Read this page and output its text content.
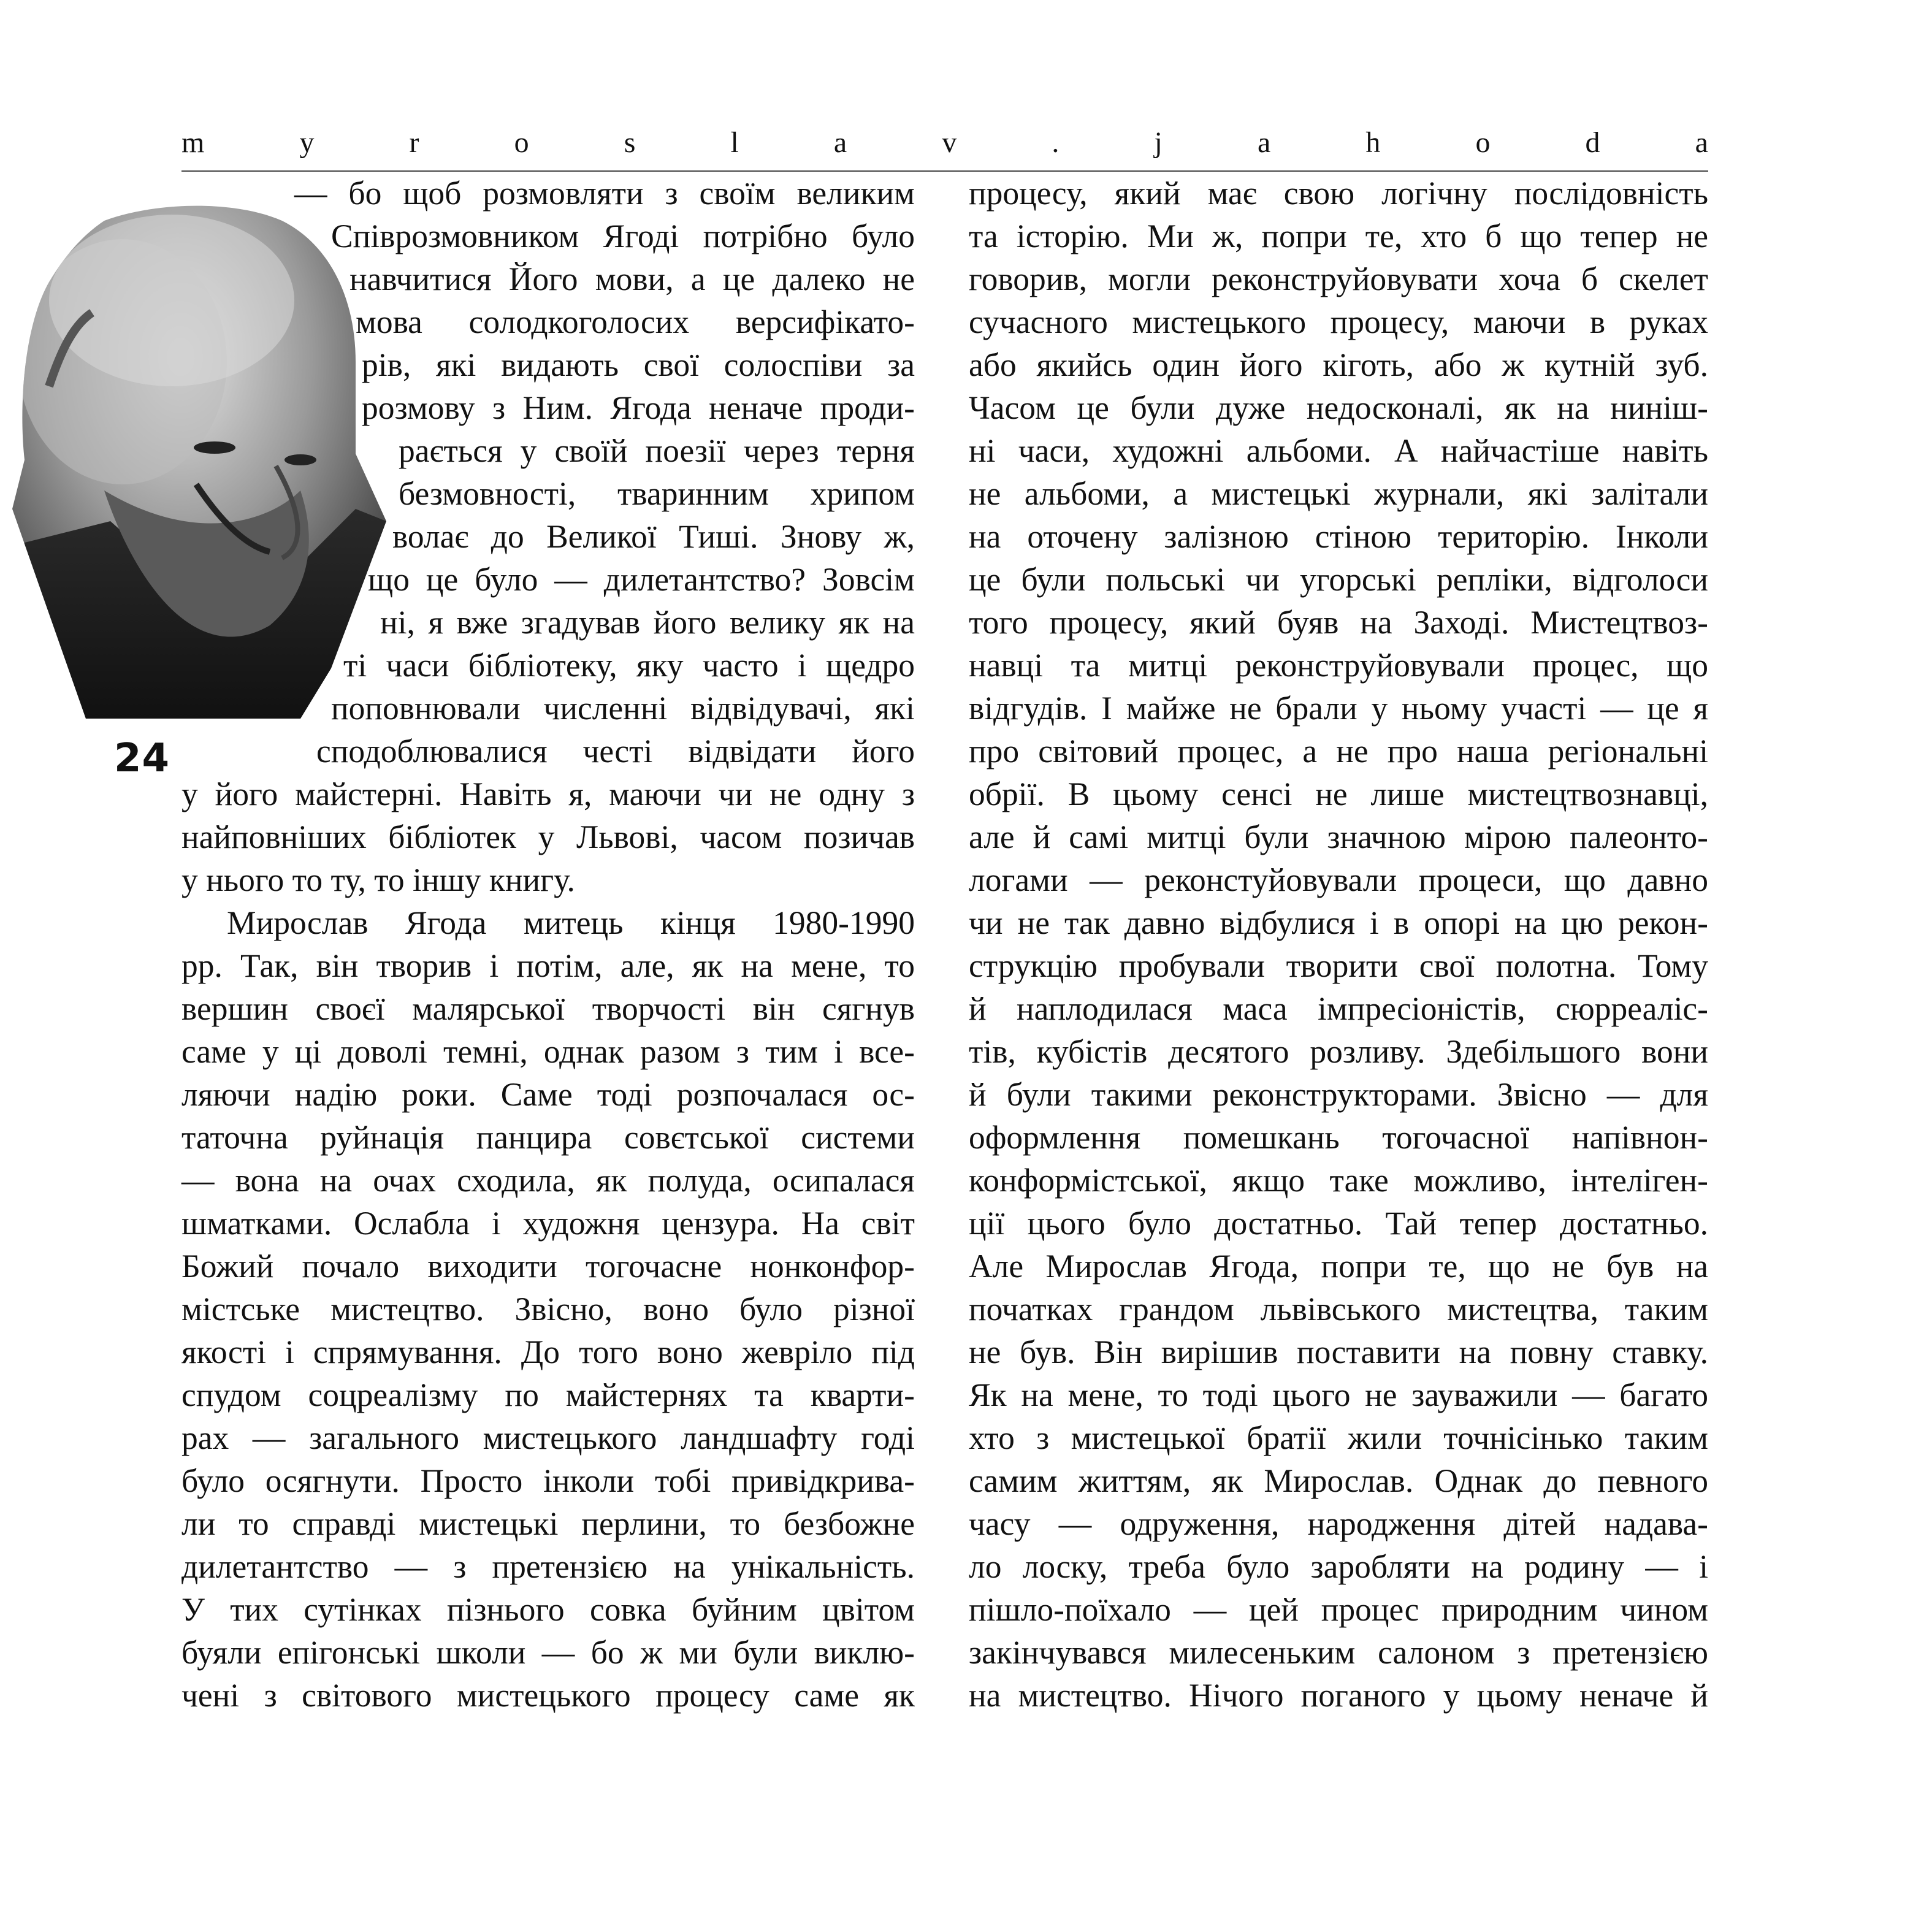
m	y	r	o	s	l	a	v	.	j	a	h	o	d	a
24
— бо щоб розмовляти з своїм великим
Співрозмовником Ягоді потрібно було
навчитися Його мови, а це далеко не
мова солодкоголосих версифікато-
рів, які видають свої солоспіви за
розмову з Ним. Ягода неначе проди-
рається у своїй поезії через терня
безмовності, тваринним хрипом
волає до Великої Тиші. Знову ж,
що це було — дилетантство? Зовсім
ні, я вже згадував його велику як на
ті часи бібліотеку, яку часто і щедро
поповнювали численні відвідувачі, які
сподоблювалися честі відвідати його
у його майстерні. Навіть я, маючи чи не одну з
найповніших бібліотек у Львові, часом позичав
у нього то ту, то іншу книгу.
Мирослав Ягода митець кінця 1980-1990
рр. Так, він творив і потім, але, як на мене, то
вершин своєї малярської творчості він сягнув
саме у ці доволі темні, однак разом з тим і все-
ляючи надію роки. Саме тоді розпочалася ос-
таточна руйнація панцира совєтської системи
— вона на очах сходила, як полуда, осипалася
шматками. Ослабла і художня цензура. На світ
Божий почало виходити тогочасне нонконфор-
містське мистецтво. Звісно, воно було різної
якості і спрямування. До того воно жеврiло під
спудом соцреалізму по майстернях та кварти-
рах — загального мистецького ландшафту годі
було осягнути. Просто інколи тобі привідкрива-
ли то справді мистецькі перлини, то безбожне
дилетантство — з претензією на унікальність.
У тих сутінках пізнього совка буйним цвітом
буяли епігонські школи — бо ж ми були виклю-
чені з світового мистецького процесу саме як
процесу, який має свою логічну послідовність
та історію. Ми ж, попри те, хто б що тепер не
говорив, могли реконструйовувати хоча б скелет
сучасного мистецького процесу, маючи в руках
або якийсь один його кіготь, або ж кутній зуб.
Часом це були дуже недосконалі, як на нинiш-
ні часи, художні альбоми. А найчастіше навіть
не альбоми, а мистецькі журнали, які залітали
на оточену залізною стіною територію. Інколи
це були польські чи угорські репліки, відголоси
того процесу, який буяв на Заході. Мистецтвоз-
навці та митці реконструйовували процес, що
відгудів. І майже не брали у ньому участі — це я
про світовий процес, а не про наша регіональні
обрії. В цьому сенсі не лише мистецтвознавці,
але й самі митці були значною мірою палеонто-
логами — реконстуйовували процеси, що давно
чи не так давно відбулися і в опорі на цю рекон-
струкцію пробували творити свої полотна. Тому
й наплодилася маса імпресіоністів, сюрреаліс-
тів, кубістів десятого розливу. Здебільшого вони
й були такими реконструкторами. Звісно — для
оформлення помешкань тогочасної напівнон-
конформістської, якщо таке можливо, інтеліген-
ції цього було достатньо. Тай тепер достатньо.
Але Мирослав Ягода, попри те, що не був на
початках грандом львівського мистецтва, таким
не був. Він вирішив поставити на повну ставку.
Як на мене, то тоді цього не зауважили — багато
хто з мистецької братії жили точнісінько таким
самим життям, як Мирослав. Однак до певного
часу — одруження, народження дітей надава-
ло лоску, треба було заробляти на родину — і
пішло-поїхало — цей процес природним чином
закінчувався милесеньким салоном з претензією
на мистецтво. Нічого поганого у цьому неначе й
